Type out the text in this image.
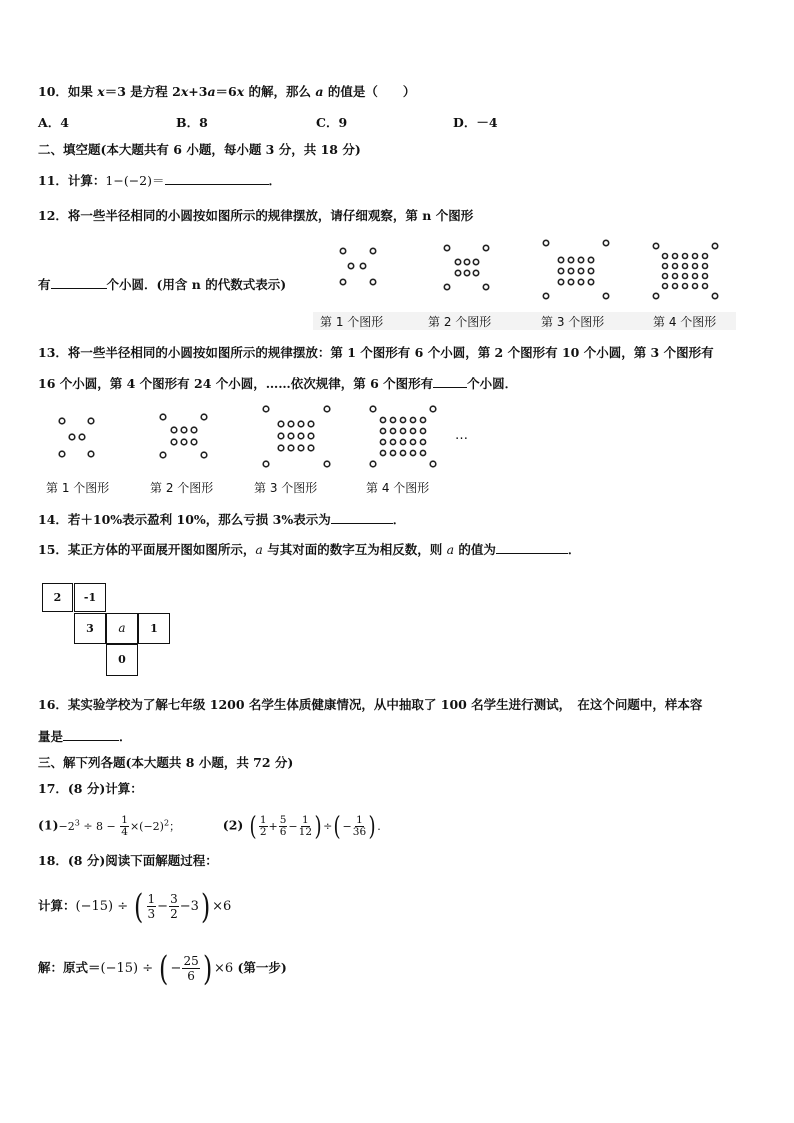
10．如果 x＝3 是方程 2x+3a＝6x 的解，那么 a 的值是（　　）
A．4	B．8	C．9	D．－4
二、填空题(本大题共有 6 小题，每小题 3 分，共 18 分)
11．计算：1−(−2)＝	．
12．将一些半径相同的小圆按如图所示的规律摆放，请仔细观察，第 n 个图形
有	个小圆．(用含 n 的代数式表示)
第 1 个图形	第 2 个图形	第 3 个图形	第 4 个图形
13．将一些半径相同的小圆按如图所示的规律摆放：第 1 个图形有 6 个小圆，第 2 个图形有 10 个小圆，第 3 个图形有
16 个小圆，第 4 个图形有 24 个小圆，……依次规律，第 6 个图形有	个小圆．
…
第 1 个图形	第 2 个图形	第 3 个图形	第 4 个图形
14．若＋10%表示盈利 10%，那么亏损 3%表示为	．
15．某正方体的平面展开图如图所示，a 与其对面的数字互为相反数，则 a 的值为	．
2	-1
3	a	1
0
16．某实验学校为了解七年级 1200 名学生体质健康情况，从中抽取了 100 名学生进行测试，　在这个问题中，样本容
量是	．
三、解下列各题(本大题共 8 小题，共 72 分)
17．(8 分)计算：
$(1)-2^3 \div 8 - \frac{1}{4} \times(-2)^2$；	(2) ( $\frac{1}{2} + \frac{5}{6} - \frac{1}{12}$ ) ÷( − $\frac{1}{36}$ ) .
18．(8 分)阅读下面解题过程：
计算：(−15) ÷ ( $\frac{1}{3} - \frac{3}{2} -3) \times 6$
解：原式＝(−15) ÷ ( − $\frac{25}{6}$ ) ×6 (第一步)
